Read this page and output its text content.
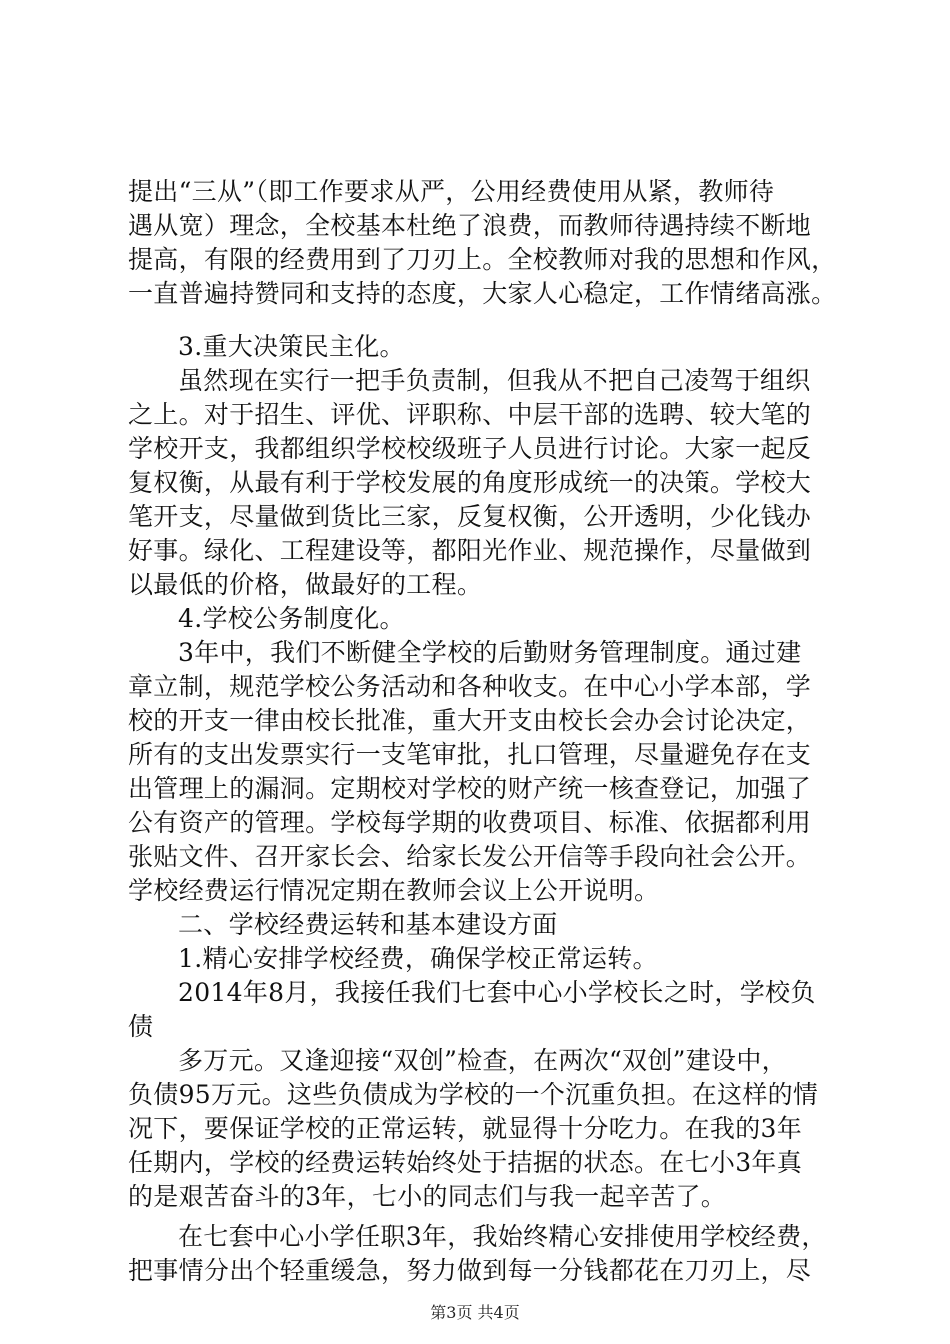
提出“三从”（即工作要求从严，公用经费使用从紧，教师待
遇从宽）理念，全校基本杜绝了浪费，而教师待遇持续不断地
提高，有限的经费用到了刀刃上。全校教师对我的思想和作风，
一直普遍持赞同和支持的态度，大家人心稳定，工作情绪高涨。
3.重大决策民主化。
虽然现在实行一把手负责制，但我从不把自己凌驾于组织
之上。对于招生、评优、评职称、中层干部的选聘、较大笔的
学校开支，我都组织学校校级班子人员进行讨论。大家一起反
复权衡，从最有利于学校发展的角度形成统一的决策。学校大
笔开支，尽量做到货比三家，反复权衡，公开透明，少化钱办
好事。绿化、工程建设等，都阳光作业、规范操作，尽量做到
以最低的价格，做最好的工程。
4.学校公务制度化。
3年中，我们不断健全学校的后勤财务管理制度。通过建
章立制，规范学校公务活动和各种收支。在中心小学本部，学
校的开支一律由校长批准，重大开支由校长会办会讨论决定，
所有的支出发票实行一支笔审批，扎口管理，尽量避免存在支
出管理上的漏洞。定期校对学校的财产统一核查登记，加强了
公有资产的管理。学校每学期的收费项目、标准、依据都利用
张贴文件、召开家长会、给家长发公开信等手段向社会公开。
学校经费运行情况定期在教师会议上公开说明。
二、学校经费运转和基本建设方面
1.精心安排学校经费，确保学校正常运转。
2014年8月，我接任我们七套中心小学校长之时，学校负
债
多万元。又逢迎接“双创”检查，在两次“双创”建设中，
负债95万元。这些负债成为学校的一个沉重负担。在这样的情
况下，要保证学校的正常运转，就显得十分吃力。在我的3年
任期内，学校的经费运转始终处于拮据的状态。在七小3年真
的是艰苦奋斗的3年，七小的同志们与我一起辛苦了。
在七套中心小学任职3年，我始终精心安排使用学校经费，
把事情分出个轻重缓急，努力做到每一分钱都花在刀刃上，尽
第3页 共4页
